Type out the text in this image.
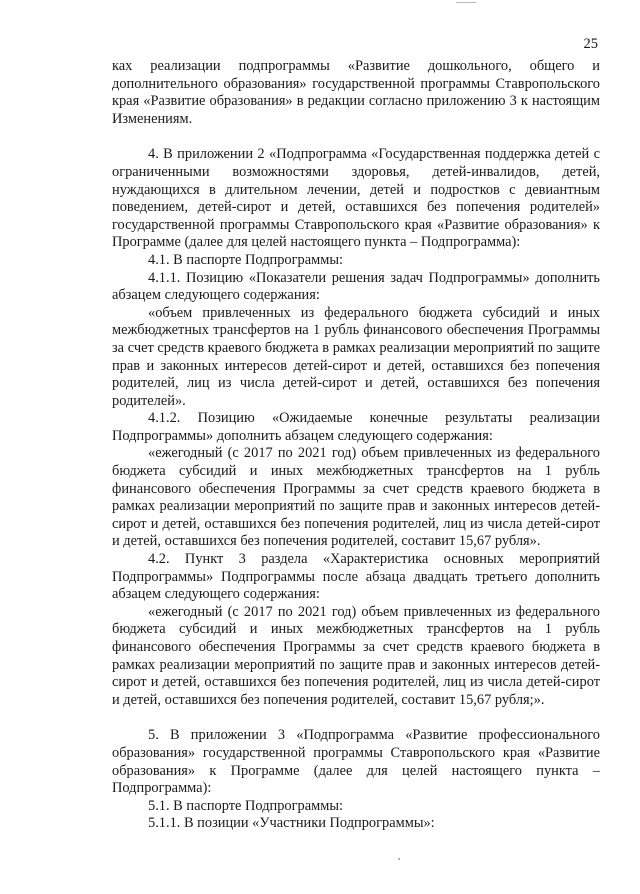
25

ках реализации подпрограммы «Развитие дошкольного, общего и дополнительного образования» государственной программы Ставропольского края «Развитие образования» в редакции согласно приложению 3 к настоящим Изменениям.

4. В приложении 2 «Подпрограмма «Государственная поддержка детей с ограниченными возможностями здоровья, детей-инвалидов, детей, нуждающихся в длительном лечении, детей и подростков с девиантным поведением, детей-сирот и детей, оставшихся без попечения родителей» государственной программы Ставропольского края «Развитие образования» к Программе (далее для целей настоящего пункта – Подпрограмма):

4.1. В паспорте Подпрограммы:

4.1.1. Позицию «Показатели решения задач Подпрограммы» дополнить абзацем следующего содержания:

«объем привлеченных из федерального бюджета субсидий и иных межбюджетных трансфертов на 1 рубль финансового обеспечения Программы за счет средств краевого бюджета в рамках реализации мероприятий по защите прав и законных интересов детей-сирот и детей, оставшихся без попечения родителей, лиц из числа детей-сирот и детей, оставшихся без попечения родителей».

4.1.2. Позицию «Ожидаемые конечные результаты реализации Подпрограммы» дополнить абзацем следующего содержания:

«ежегодный (с 2017 по 2021 год) объем привлеченных из федерального бюджета субсидий и иных межбюджетных трансфертов на 1 рубль финансового обеспечения Программы за счет средств краевого бюджета в рамках реализации мероприятий по защите прав и законных интересов детей-сирот и детей, оставшихся без попечения родителей, лиц из числа детей-сирот и детей, оставшихся без попечения родителей, составит 15,67 рубля».

4.2. Пункт 3 раздела «Характеристика основных мероприятий Подпрограммы» Подпрограммы после абзаца двадцать третьего дополнить абзацем следующего содержания:

«ежегодный (с 2017 по 2021 год) объем привлеченных из федерального бюджета субсидий и иных межбюджетных трансфертов на 1 рубль финансового обеспечения Программы за счет средств краевого бюджета в рамках реализации мероприятий по защите прав и законных интересов детей-сирот и детей, оставшихся без попечения родителей, лиц из числа детей-сирот и детей, оставшихся без попечения родителей, составит 15,67 рубля;».

5. В приложении 3 «Подпрограмма «Развитие профессионального образования» государственной программы Ставропольского края «Развитие образования» к Программе (далее для целей настоящего пункта – Подпрограмма):

5.1. В паспорте Подпрограммы:

5.1.1. В позиции «Участники Подпрограммы»:
